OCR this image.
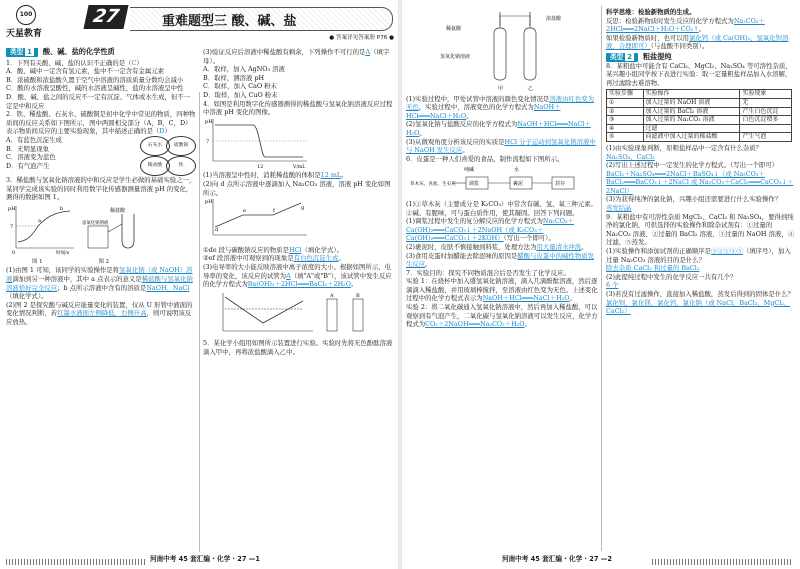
100
天星教育
27	重难题型三 酸、碱、盐
● 答案详见答案册 P76 ●

类型 1 酸、碱、盐的化学性质

1．下列有关酸、碱、盐的认识不正确的是（C）

A．酸、碱中一定含有氢元素，盐中不一定含有金属元素

B．浓硫酸和浓盐酸久置于空气中溶液的溶质质量分数均会减小

C．酸的水溶液呈酸性，碱的水溶液呈碱性，盐的水溶液呈中性

D．酸、碱、盐之间的反应不一定有沉淀、气体或水生成，但不一定是中和反应

2．铁、稀盐酸、石灰水、硫酸铜是初中化学中常见的物质，四种物质间的反应关系如下图所示，图中两圆相交部分（A，B，C，D）表示物质间反应的主要实验现象，其中描述正确的是（D）

A．有蓝色沉淀生成

B．无明显现象

C．溶液变为蓝色

D．有气泡产生

石灰水	硫酸铜
稀盐酸	铁

3．稀盐酸与氢氧化钠溶液的中和反应是学生必做的基础实验之一，某同学完成该实验的同时利用数字化传感器测量溶液 pH 的变化，测得的数据如图 1。

pH
a
b
7
0	时间/s
稀盐酸
氢氧化钠溶液

图 1	图 2

(1)由图 1 可知，该同学的实验操作是将氢氧化钠（或 NaOH）溶液滴加到另一种溶液中，其中 a 点表示的意义是稀盐酸与氢氧化钠溶液恰好完全反应；b 点所示溶液中含有的溶质是NaOH、NaCl（填化学式）。

(2)图 2 是探究酸与碱反应能量变化的装置，仅从 U 形管中液面的变化情况判断，若红墨水液面左侧降低，右侧升高，则可说明该反应放热。

(3)验证反应后溶液中稀盐酸有剩余，下列操作不可行的是A（填字母）。

A．取样，加入 AgNO₃ 溶液

B．取样，测溶液 pH

C．取样，加入 CaO 粉末

D．取样，加入 CuO 粉末

4．如图是利用数字化传感器测得的稀盐酸与氢氧化钠溶液反应过程中溶液 pH 变化的图像。

pH
7
12	V/mL

(1)当溶液呈中性时，消耗稀盐酸的体积是12 mL。

(2)向 d 点所示溶液中逐滴加入 Na₂CO₃ 溶液，溶液 pH 变化如图所示。

pH
d
e	f	g

①de 段与碳酸钠反应的物质是HCl（填化学式）。

②ef 段溶液中可观察到的现象是有白色沉淀生成。

(3)电导率的大小能反映溶液中离子浓度的大小。根据如图所示，电导率的变化，该反应的试管为A（填"A"或"B"），该试管中发生反应的化学方程式为Ba(OH)₂＋2HCl═══BaCl₂＋2H₂O。

A	B

5．某化学小组用如图所示装置进行实验。实验时先将无色酚酞溶液滴入甲中，再将浓盐酸滴入乙中。

河南中考 45 套汇编 · 化学 · 27 —1
稀氨酸
浓盐酸
氢氧化钠溶液
甲	乙

(1)实验过程中，甲处试管中溶液的颜色变化情况是溶液由红色变为无色，实验过程中，溶液变色的化学方程式为NaOH＋HCl═══NaCl＋H₂O。

(2)氢氧化钠与盐酸反应的化学方程式为NaOH＋HCl═══NaCl＋H₂O。

(3)从微观角度分析该反应的实质是HCl 分子运动到氢氧化钠溶液中与 NaOH 发生反应。

6．皮蛋是一种人们喜爱的食品，制作流程如下图所示。

草木灰、食盐、生石灰	调浆	裹泥	封存
纯碱	水

(1)①草木灰（主要成分是 K₂CO₃）中常含有碳、氢、氧三种元素。

②碱、有腥味，可与蛋白质作用，使其凝固。回答下列问题。

(1)调浆过程中发生的复分解反应的化学方程式为Na₂CO₃＋Ca(OH)₂═══CaCO₃↓＋2NaOH（或 K₂CO₃＋Ca(OH)₂═══CaCO₃↓＋2KOH）（写出一个即可）。

(2)裹泥时，皮肤不慎接触到料浆，处理方法为用大量清水冲洗。

(3)食用皮蛋时加醋能去除涩味的原因是醋酸与皮蛋中的碱性物质发生反应。

7．实验目的：探究不同物质混合后是否发生了化学反应。

实验 1：在烧杯中加入盛氢氧化钠溶液，滴入几滴酚酞溶液，然后逐滴滴入稀盐酸，并用玻璃棒搅拌，至溶液由红色变为无色。上述变化过程中的化学方程式表示为NaOH＋HCl═══NaCl＋H₂O。

实验 2：将二氧化碳通入氢氧化钠溶液中，然后再加入稀盐酸，可以观察到有气泡产生，二氧化碳与氢氧化钠溶液可以发生反应，化学方程式为CO₂＋2NaOH═══Na₂CO₃＋H₂O。

科学思维：检验新物质的生成。

反思：检验新物质时发生反应的化学方程式为Na₂CO₃＋2HCl═══2NaCl＋H₂O＋CO₂↑。

如果检验新物质时，也可以用氯化钙（或 Ca(OH)₂、氢氧化钡溶液，合理即可）（与盐酸不同类别）。

类型 2 粗盐提纯

8．某粗盐中可能含有 CaCl₂、MgCl₂、Na₂SO₄ 等可溶性杂质，某兴趣小组同学按下表进行实验：取一定量粗盐样品加入水溶解，再过滤除去难溶物。

实验步骤	实验操作	实验现象
①	加入过量的 NaOH 溶液	无
②	加入过量的 BaCl₂ 溶液	产生白色沉淀
③	加入过量的 Na₂CO₃ 溶液	白色沉淀增多
④	过滤	
⑤	向滤液中加入过量的稀盐酸	产生气泡

(1)由实验现象判断，原粗盐样品中一定含有什么杂质？

Na₂SO₄、CaCl₂

(2)写出上述过程中一定发生的化学方程式。（写出一个即可）

BaCl₂＋Na₂SO₄═══2NaCl＋BaSO₄↓（或 Na₂CO₃＋BaCl₂═══BaCO₃↓＋2NaCl 或 Na₂CO₃＋CaCl₂═══CaCO₃↓＋2NaCl）

(3)为获得纯净的氯化钠，兴趣小组还需要进行什么实验操作？

蒸发结晶

9．某粗盐中有可溶性杂质 MgCl₂、CaCl₂ 和 Na₂SO₄，要得到纯净的氯化钠，可供选择的实验操作和除杂试剂有：①过量的 Na₂CO₃ 溶液，②过量的 BaCl₂ 溶液，③过量的 NaOH 溶液，④过滤，⑤蒸发。

(1)实验操作和添加试剂的正确顺序是③②①④⑤（填序号），加入过量 Na₂CO₃ 溶液的目的是什么？

除去杂质 CaCl₂ 和过量的 BaCl₂

(2)此提纯过程中发生的化学反应一共有几个？

6 个

(3)若没有过滤操作，直接加入稀盐酸，蒸发后得到的固体是什么？

氯化钡、氯化镁、氯化钙、氯化钠（或 NaCl、BaCl₂、MgCl₂、CaCl₂）

河南中考 45 套汇编 · 化学 · 27 —2
